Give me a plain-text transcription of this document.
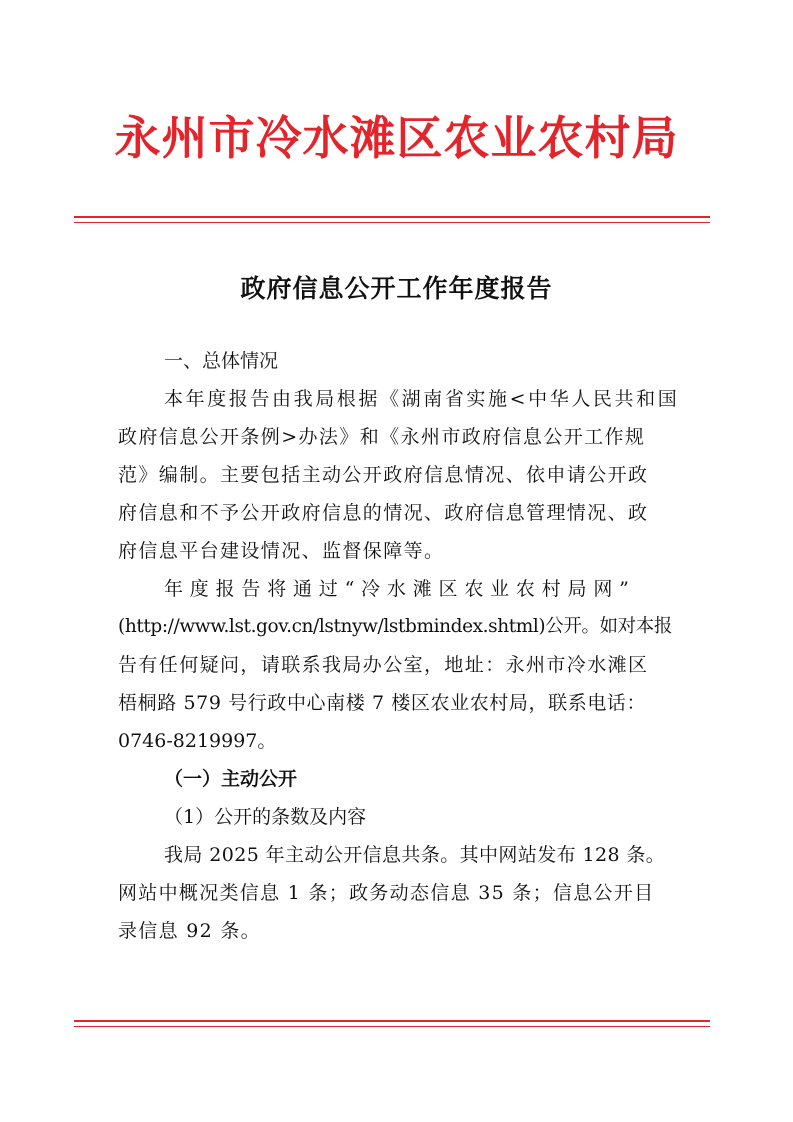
永州市冷水滩区农业农村局
政府信息公开工作年度报告
一、总体情况
本年度报告由我局根据《湖南省实施<中华人民共和国
政府信息公开条例>办法》和《永州市政府信息公开工作规
范》编制。主要包括主动公开政府信息情况、依申请公开政
府信息和不予公开政府信息的情况、政府信息管理情况、政
府信息平台建设情况、监督保障等。
年度报告将通过“冷水滩区农业农村局网”
(http://www.lst.gov.cn/lstnyw/lstbmindex.shtml)公开。如对本报
告有任何疑问，请联系我局办公室，地址：永州市冷水滩区
梧桐路 579 号行政中心南楼 7 楼区农业农村局，联系电话：
0746-8219997。
（一）主动公开
（1）公开的条数及内容
我局 2025 年主动公开信息共条。其中网站发布 128 条。
网站中概况类信息 1 条；政务动态信息 35 条；信息公开目
录信息 92 条。
